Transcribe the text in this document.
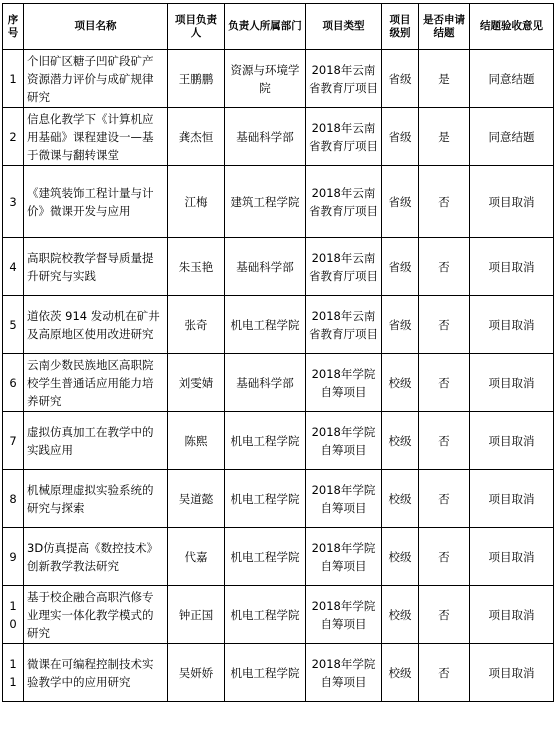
序号	项目名称	项目负责人	负责人所属部门	项目类型	项目级别	是否申请结题	结题验收意见
1	个旧矿区糖子凹矿段矿产资源潜力评价与成矿规律研究	王鹏鹏	资源与环境学院	2018年云南省教育厅项目	省级	是	同意结题
2	信息化教学下《计算机应用基础》课程建设一—基于微课与翻转课堂	龚杰恒	基础科学部	2018年云南省教育厅项目	省级	是	同意结题
3	《建筑装饰工程计量与计价》微课开发与应用	江梅	建筑工程学院	2018年云南省教育厅项目	省级	否	项目取消
4	高职院校教学督导质量提升研究与实践	朱玉艳	基础科学部	2018年云南省教育厅项目	省级	否	项目取消
5	道依茨 914 发动机在矿井及高原地区使用改进研究	张奇	机电工程学院	2018年云南省教育厅项目	省级	否	项目取消
6	云南少数民族地区高职院校学生普通话应用能力培养研究	刘雯婧	基础科学部	2018年学院自筹项目	校级	否	项目取消
7	虚拟仿真加工在教学中的实践应用	陈熙	机电工程学院	2018年学院自筹项目	校级	否	项目取消
8	机械原理虚拟实验系统的研究与探索	吴道懿	机电工程学院	2018年学院自筹项目	校级	否	项目取消
9	3D仿真提高《数控技术》创新教学教法研究	代嘉	机电工程学院	2018年学院自筹项目	校级	否	项目取消
10	基于校企融合高职汽修专业理实一体化教学模式的研究	钟正国	机电工程学院	2018年学院自筹项目	校级	否	项目取消
11	微课在可编程控制技术实验教学中的应用研究	吴妍娇	机电工程学院	2018年学院自筹项目	校级	否	项目取消
